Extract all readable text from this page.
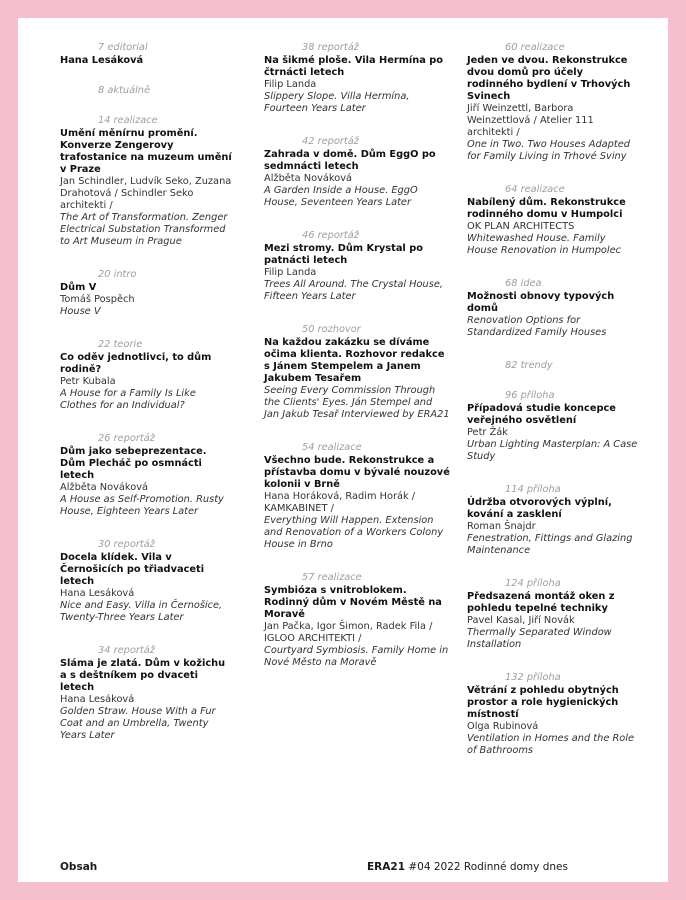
7 editorial
Hana Lesáková
8 aktuálně
14 realizace
Umění měnírnu promění. Konverze Zengerovy trafostanice na muzeum umění v Praze
Jan Schindler, Ludvík Seko, Zuzana Drahotová / Schindler Seko architekti /
The Art of Transformation. Zenger Electrical Substation Transformed to Art Museum in Prague
20 intro
Dům V
Tomáš Pospěch
House V
22 teorie
Co oděv jednotlivci, to dům rodině?
Petr Kubala
A House for a Family Is Like Clothes for an Individual?
26 reportáž
Dům jako sebeprezentace. Dům Plecháč po osmnácti letech
Alžběta Nováková
A House as Self-Promotion. Rusty House, Eighteen Years Later
30 reportáž
Docela klídek. Vila v Černošicích po třiadvaceti letech
Hana Lesáková
Nice and Easy. Villa in Černošice, Twenty-Three Years Later
34 reportáž
Sláma je zlatá. Dům v kožichu a s deštníkem po dvaceti letech
Hana Lesáková
Golden Straw. House With a Fur Coat and an Umbrella, Twenty Years Later
38 reportáž
Na šikmé ploše. Vila Hermína po čtrnácti letech
Filip Landa
Slippery Slope. Villa Hermína, Fourteen Years Later
42 reportáž
Zahrada v domě. Dům EggO po sedmnácti letech
Alžběta Nováková
A Garden Inside a House. EggO House, Seventeen Years Later
46 reportáž
Mezi stromy. Dům Krystal po patnácti letech
Filip Landa
Trees All Around. The Crystal House, Fifteen Years Later
50 rozhovor
Na každou zakázku se díváme očima klienta. Rozhovor redakce s Jánem Stempelem a Janem Jakubem Tesařem
Seeing Every Commission Through the Clients' Eyes. Ján Stempel and Jan Jakub Tesař Interviewed by ERA21
54 realizace
Všechno bude. Rekonstrukce a přístavba domu v bývalé nouzové kolonii v Brně
Hana Horáková, Radim Horák / KAMKABINET /
Everything Will Happen. Extension and Renovation of a Workers Colony House in Brno
57 realizace
Symbióza s vnitroblokem. Rodinný dům v Novém Městě na Moravě
Jan Pačka, Igor Šimon, Radek Fila / IGLOO ARCHITEKTI /
Courtyard Symbiosis. Family Home in Nové Město na Moravě
60 realizace
Jeden ve dvou. Rekonstrukce dvou domů pro účely rodinného bydlení v Trhových Svinech
Jiří Weinzettl, Barbora Weinzettlová / Atelier 111 architekti /
One in Two. Two Houses Adapted for Family Living in Trhové Sviny
64 realizace
Nabílený dům. Rekonstrukce rodinného domu v Humpolci
OK PLAN ARCHITECTS
Whitewashed House. Family House Renovation in Humpolec
68 idea
Možnosti obnovy typových domů
Renovation Options for Standardized Family Houses
82 trendy
96 příloha
Případová studie koncepce veřejného osvětlení
Petr Žák
Urban Lighting Masterplan: A Case Study
114 příloha
Údržba otvorových výplní, kování a zasklení
Roman Šnajdr
Fenestration, Fittings and Glazing Maintenance
124 příloha
Předsazená montáž oken z pohledu tepelné techniky
Pavel Kasal, Jiří Novák
Thermally Separated Window Installation
132 příloha
Větrání z pohledu obytných prostor a role hygienických místností
Olga Rubinová
Ventilation in Homes and the Role of Bathrooms
Obsah	ERA21 #04 2022 Rodinné domy dnes
